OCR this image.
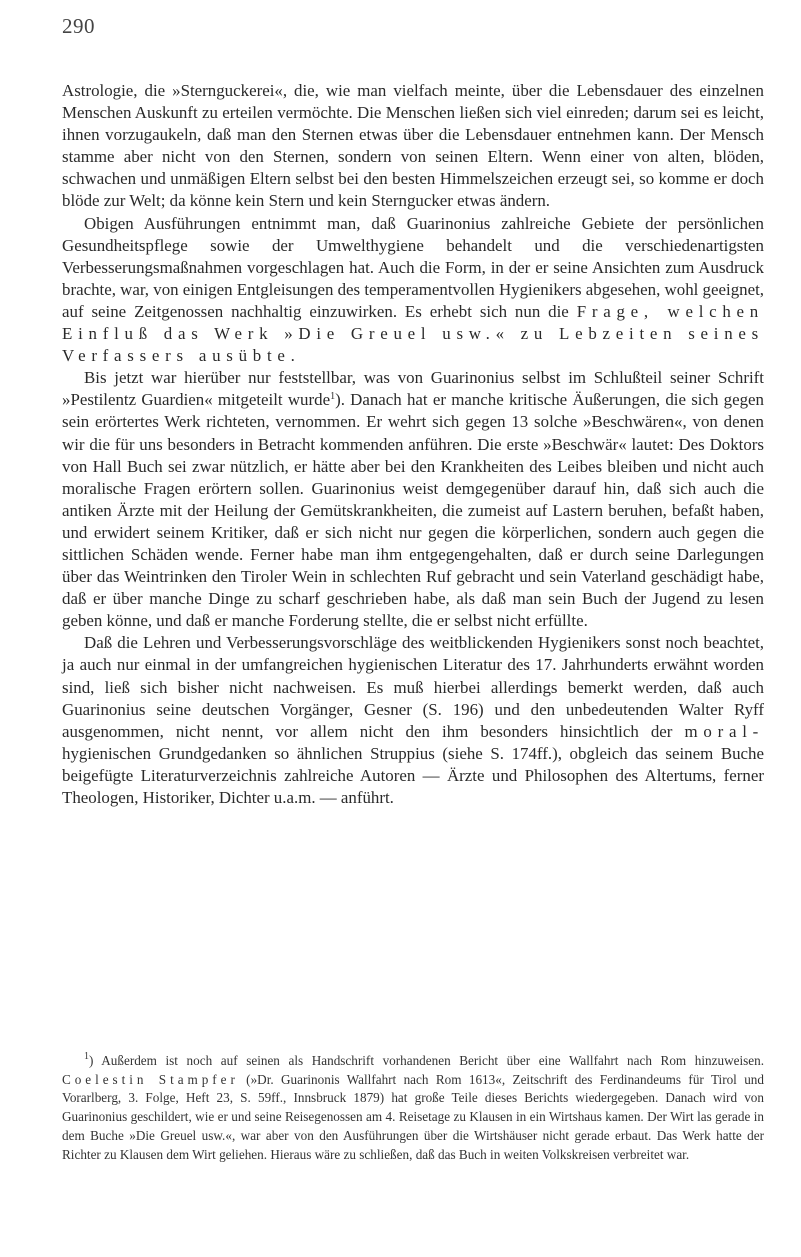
290

Astrologie, die »Sternguckerei«, die, wie man vielfach meinte, über die Lebensdauer des einzelnen Menschen Auskunft zu erteilen vermöchte. Die Menschen ließen sich viel einreden; darum sei es leicht, ihnen vorzugaukeln, daß man den Sternen etwas über die Lebensdauer entnehmen kann. Der Mensch stamme aber nicht von den Sternen, sondern von seinen Eltern. Wenn einer von alten, blöden, schwachen und unmäßigen Eltern selbst bei den besten Himmelszeichen erzeugt sei, so komme er doch blöde zur Welt; da könne kein Stern und kein Sterngucker etwas ändern.

Obigen Ausführungen entnimmt man, daß Guarinonius zahlreiche Gebiete der persönlichen Gesundheitspflege sowie der Umwelthygiene behandelt und die verschiedenartigsten Verbesserungsmaßnahmen vorgeschlagen hat. Auch die Form, in der er seine Ansichten zum Ausdruck brachte, war, von einigen Entgleisungen des temperamentvollen Hygienikers abgesehen, wohl geeignet, auf seine Zeitgenossen nachhaltig einzuwirken. Es erhebt sich nun die Frage, welchen Einfluß das Werk »Die Greuel usw.« zu Lebzeiten seines Verfassers ausübte.

Bis jetzt war hierüber nur feststellbar, was von Guarinonius selbst im Schlußteil seiner Schrift »Pestilentz Guardien« mitgeteilt wurde$^1$). Danach hat er manche kritische Äußerungen, die sich gegen sein erörtertes Werk richteten, vernommen. Er wehrt sich gegen 13 solche »Beschwären«, von denen wir die für uns besonders in Betracht kommenden anführen. Die erste »Beschwär« lautet: Des Doktors von Hall Buch sei zwar nützlich, er hätte aber bei den Krankheiten des Leibes bleiben und nicht auch moralische Fragen erörtern sollen. Guarinonius weist demgegenüber darauf hin, daß sich auch die antiken Ärzte mit der Heilung der Gemütskrankheiten, die zumeist auf Lastern beruhen, befaßt haben, und erwidert seinem Kritiker, daß er sich nicht nur gegen die körperlichen, sondern auch gegen die sittlichen Schäden wende. Ferner habe man ihm entgegengehalten, daß er durch seine Darlegungen über das Weintrinken den Tiroler Wein in schlechten Ruf gebracht und sein Vaterland geschädigt habe, daß er über manche Dinge zu scharf geschrieben habe, als daß man sein Buch der Jugend zu lesen geben könne, und daß er manche Forderung stellte, die er selbst nicht erfüllte.

Daß die Lehren und Verbesserungsvorschläge des weitblickenden Hygienikers sonst noch beachtet, ja auch nur einmal in der umfangreichen hygienischen Literatur des 17. Jahrhunderts erwähnt worden sind, ließ sich bisher nicht nachweisen. Es muß hierbei allerdings bemerkt werden, daß auch Guarinonius seine deutschen Vorgänger, Gesner (S. 196) und den unbedeutenden Walter Ryff ausgenommen, nicht nennt, vor allem nicht den ihm besonders hinsichtlich der moral- hygienischen Grundgedanken so ähnlichen Struppius (siehe S. 174ff.), obgleich das seinem Buche beigefügte Literaturverzeichnis zahlreiche Autoren — Ärzte und Philosophen des Altertums, ferner Theologen, Historiker, Dichter u.a.m. — anführt.

$^1$) Außerdem ist noch auf seinen als Handschrift vorhandenen Bericht über eine Wallfahrt nach Rom hinzuweisen. Coelestin Stampfer (»Dr. Guarinonis Wallfahrt nach Rom 1613«, Zeitschrift des Ferdinandeums für Tirol und Vorarlberg, 3. Folge, Heft 23, S. 59ff., Innsbruck 1879) hat große Teile dieses Berichts wiedergegeben. Danach wird von Guarinonius geschildert, wie er und seine Reisegenossen am 4. Reisetage zu Klausen in ein Wirtshaus kamen. Der Wirt las gerade in dem Buche »Die Greuel usw.«, war aber von den Ausführungen über die Wirtshäuser nicht gerade erbaut. Das Werk hatte der Richter zu Klausen dem Wirt geliehen. Hieraus wäre zu schließen, daß das Buch in weiten Volkskreisen verbreitet war.
